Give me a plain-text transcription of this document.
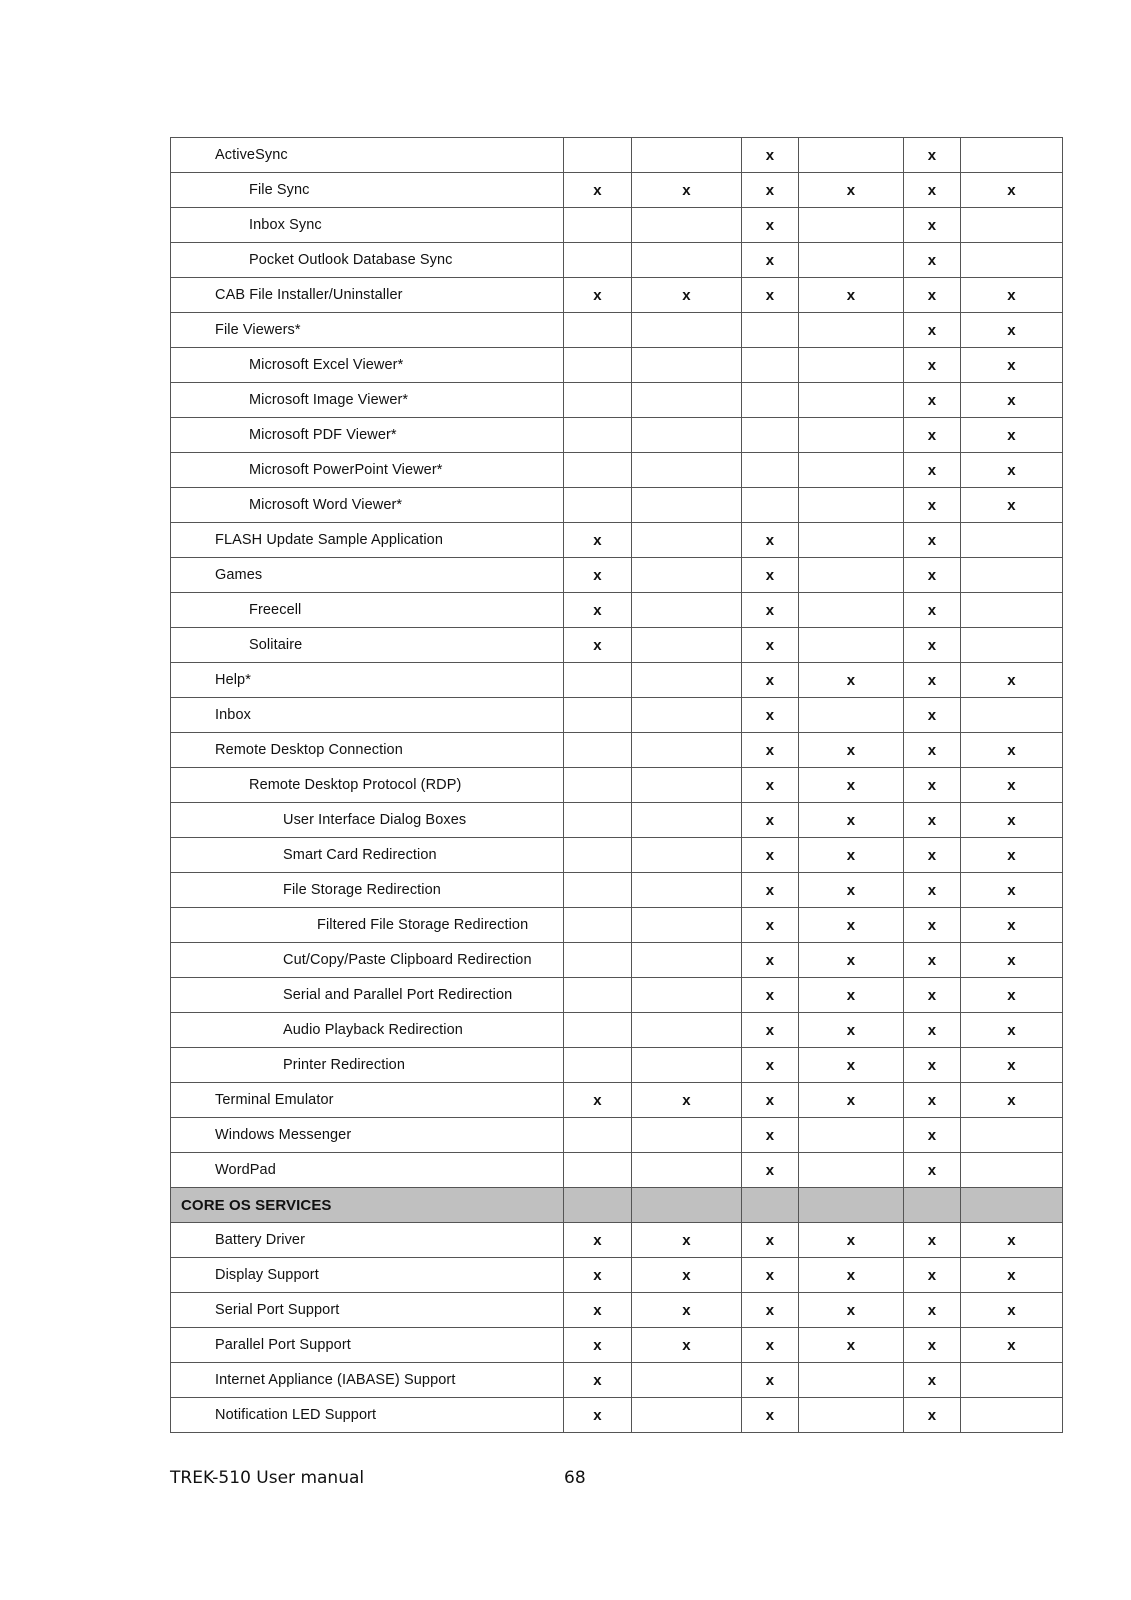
ActiveSync			x		x	
File Sync	x	x	x	x	x	x
Inbox Sync			x		x	
Pocket Outlook Database Sync			x		x	
CAB File Installer/Uninstaller	x	x	x	x	x	x
File Viewers*					x	x
Microsoft Excel Viewer*					x	x
Microsoft Image Viewer*					x	x
Microsoft PDF Viewer*					x	x
Microsoft PowerPoint Viewer*					x	x
Microsoft Word Viewer*					x	x
FLASH Update Sample Application	x		x		x	
Games	x		x		x	
Freecell	x		x		x	
Solitaire	x		x		x	
Help*			x	x	x	x
Inbox			x		x	
Remote Desktop Connection			x	x	x	x
Remote Desktop Protocol (RDP)			x	x	x	x
User Interface Dialog Boxes			x	x	x	x
Smart Card Redirection			x	x	x	x
File Storage Redirection			x	x	x	x
Filtered File Storage Redirection			x	x	x	x
Cut/Copy/Paste Clipboard Redirection			x	x	x	x
Serial and Parallel Port Redirection			x	x	x	x
Audio Playback Redirection			x	x	x	x
Printer Redirection			x	x	x	x
Terminal Emulator	x	x	x	x	x	x
Windows Messenger			x		x	
WordPad			x		x	
CORE OS SERVICES						
Battery Driver	x	x	x	x	x	x
Display Support	x	x	x	x	x	x
Serial Port Support	x	x	x	x	x	x
Parallel Port Support	x	x	x	x	x	x
Internet Appliance (IABASE) Support	x		x		x	
Notification LED Support	x		x		x	
TREK-510 User manual	68
